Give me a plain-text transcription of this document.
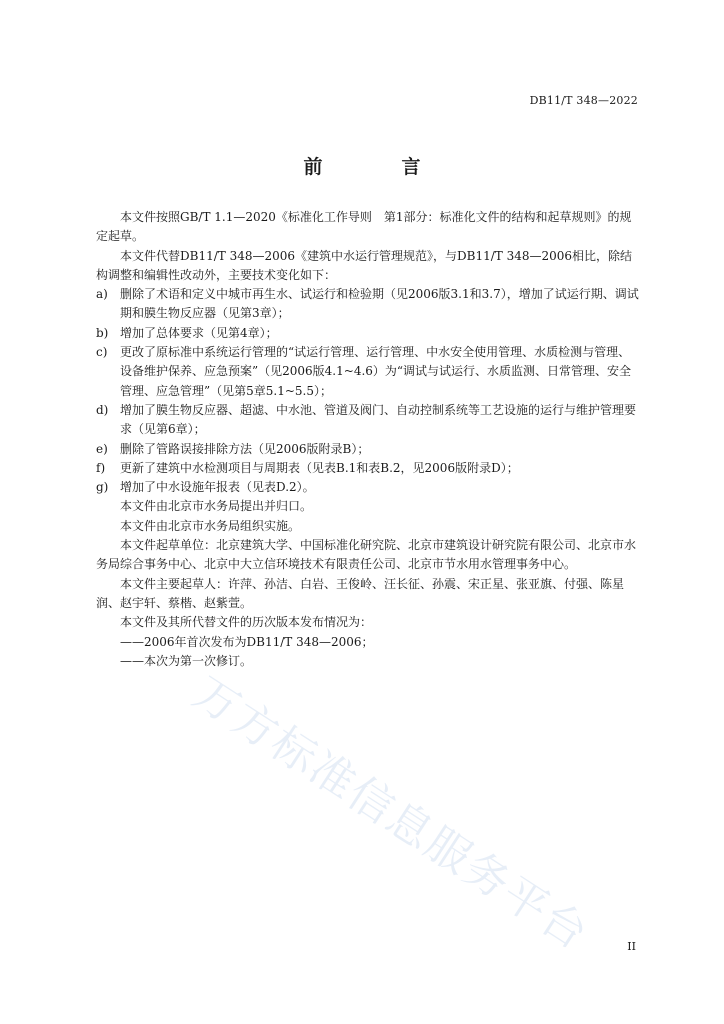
DB11/T 348—2022
前　言

本文件按照GB/T 1.1—2020《标准化工作导则　第1部分：标准化文件的结构和起草规则》的规定起草。

本文件代替DB11/T 348—2006《建筑中水运行管理规范》，与DB11/T 348—2006相比，除结构调整和编辑性改动外，主要技术变化如下：

a)	删除了术语和定义中城市再生水、试运行和检验期（见2006版3.1和3.7），增加了试运行期、调试期和膜生物反应器（见第3章）；
b) 增加了总体要求（见第4章）；
c)	更改了原标准中系统运行管理的“试运行管理、运行管理、中水安全使用管理、水质检测与管理、设备维护保养、应急预案”（见2006版4.1~4.6）为“调试与试运行、水质监测、日常管理、安全管理、应急管理”（见第5章5.1~5.5）；
d) 增加了膜生物反应器、超滤、中水池、管道及阀门、自动控制系统等工艺设施的运行与维护管理要求（见第6章）；
e)	删除了管路误接排除方法（见2006版附录B）；
f)	更新了建筑中水检测项目与周期表（见表B.1和表B.2，见2006版附录D）；
g) 增加了中水设施年报表（见表D.2）。

本文件由北京市水务局提出并归口。

本文件由北京市水务局组织实施。

本文件起草单位：北京建筑大学、中国标准化研究院、北京市建筑设计研究院有限公司、北京市水务局综合事务中心、北京中大立信环境技术有限责任公司、北京市节水用水管理事务中心。

本文件主要起草人：许萍、孙洁、白岩、王俊岭、汪长征、孙震、宋正星、张亚旗、付强、陈星润、赵宇轩、蔡楷、赵紫萱。

本文件及其所代替文件的历次版本发布情况为：

——2006年首次发布为DB11/T 348—2006；

——本次为第一次修订。

万方标准信息服务平台	II
